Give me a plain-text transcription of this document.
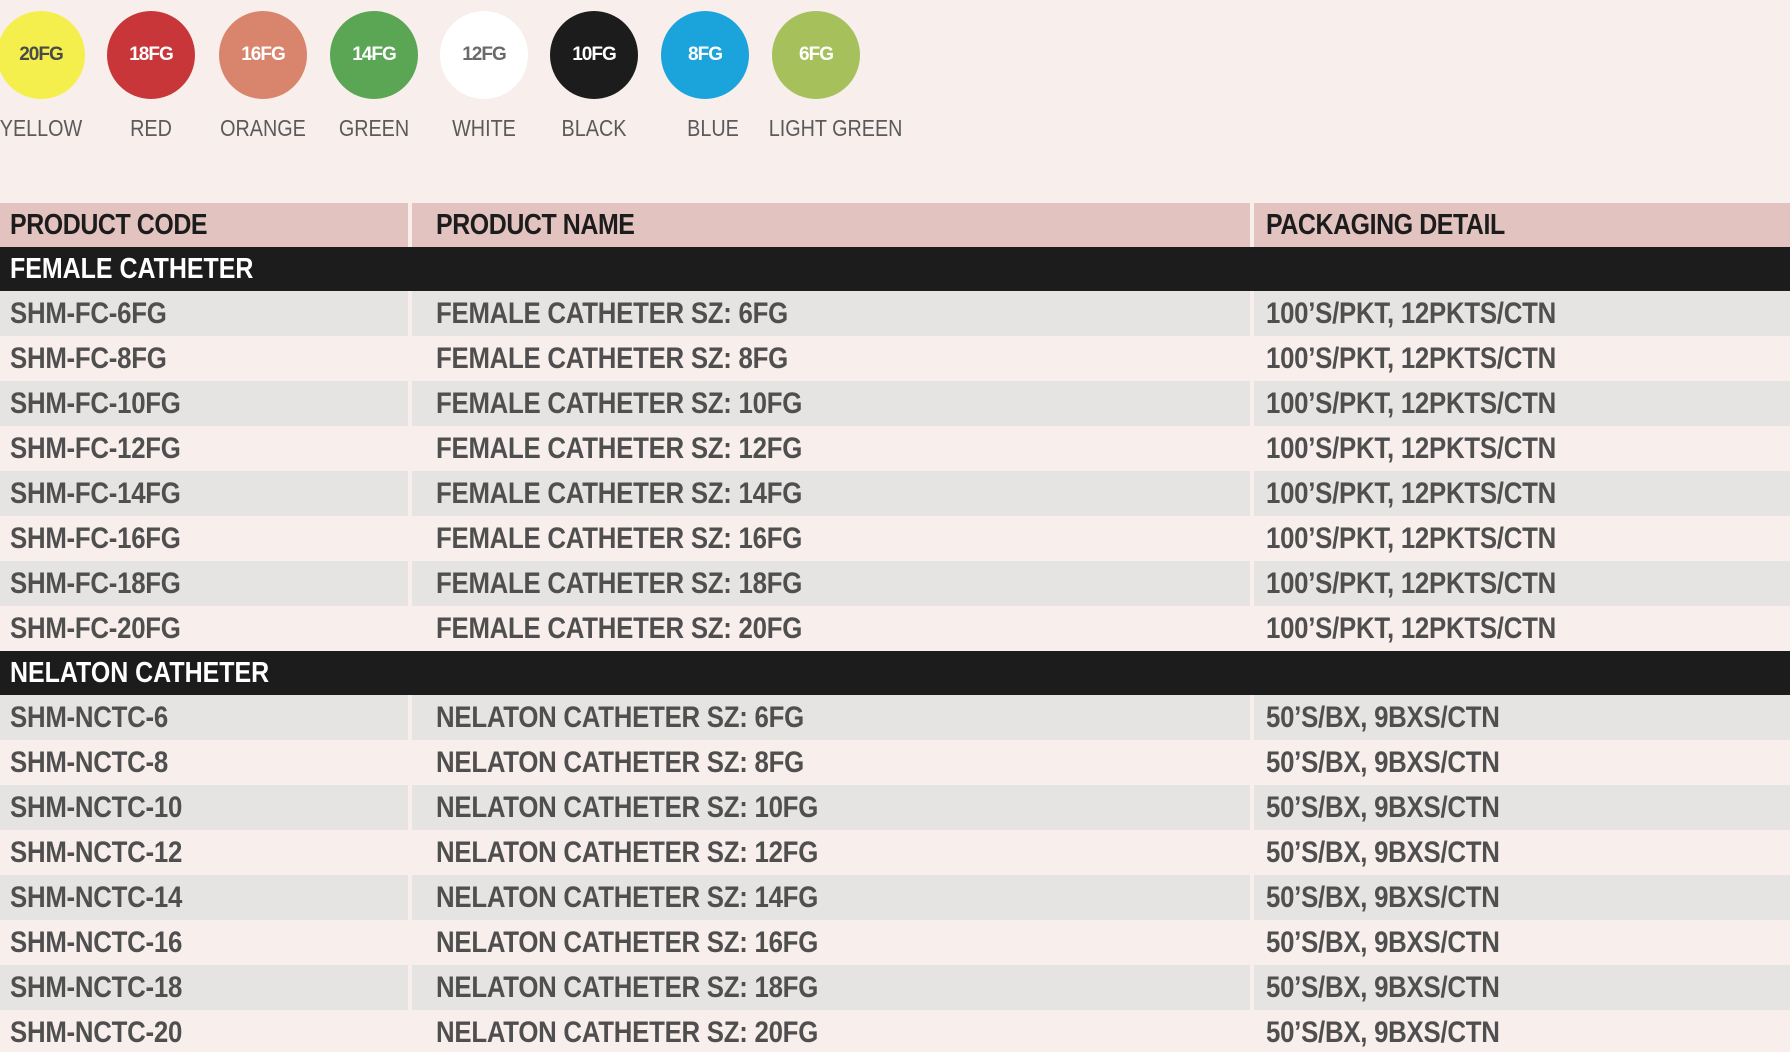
20FG
YELLOW
18FG
RED
16FG
ORANGE
14FG
GREEN
12FG
WHITE
10FG
BLACK
8FG
BLUE
6FG
LIGHT GREEN
PRODUCT CODE	PRODUCT NAME	PACKAGING DETAIL
FEMALE CATHETER
SHM-FC-6FG	FEMALE CATHETER SZ: 6FG	100’S/PKT, 12PKTS/CTN
SHM-FC-8FG	FEMALE CATHETER SZ: 8FG	100’S/PKT, 12PKTS/CTN
SHM-FC-10FG	FEMALE CATHETER SZ: 10FG	100’S/PKT, 12PKTS/CTN
SHM-FC-12FG	FEMALE CATHETER SZ: 12FG	100’S/PKT, 12PKTS/CTN
SHM-FC-14FG	FEMALE CATHETER SZ: 14FG	100’S/PKT, 12PKTS/CTN
SHM-FC-16FG	FEMALE CATHETER SZ: 16FG	100’S/PKT, 12PKTS/CTN
SHM-FC-18FG	FEMALE CATHETER SZ: 18FG	100’S/PKT, 12PKTS/CTN
SHM-FC-20FG	FEMALE CATHETER SZ: 20FG	100’S/PKT, 12PKTS/CTN
NELATON CATHETER
SHM-NCTC-6	NELATON CATHETER SZ: 6FG	50’S/BX, 9BXS/CTN
SHM-NCTC-8	NELATON CATHETER SZ: 8FG	50’S/BX, 9BXS/CTN
SHM-NCTC-10	NELATON CATHETER SZ: 10FG	50’S/BX, 9BXS/CTN
SHM-NCTC-12	NELATON CATHETER SZ: 12FG	50’S/BX, 9BXS/CTN
SHM-NCTC-14	NELATON CATHETER SZ: 14FG	50’S/BX, 9BXS/CTN
SHM-NCTC-16	NELATON CATHETER SZ: 16FG	50’S/BX, 9BXS/CTN
SHM-NCTC-18	NELATON CATHETER SZ: 18FG	50’S/BX, 9BXS/CTN
SHM-NCTC-20	NELATON CATHETER SZ: 20FG	50’S/BX, 9BXS/CTN
